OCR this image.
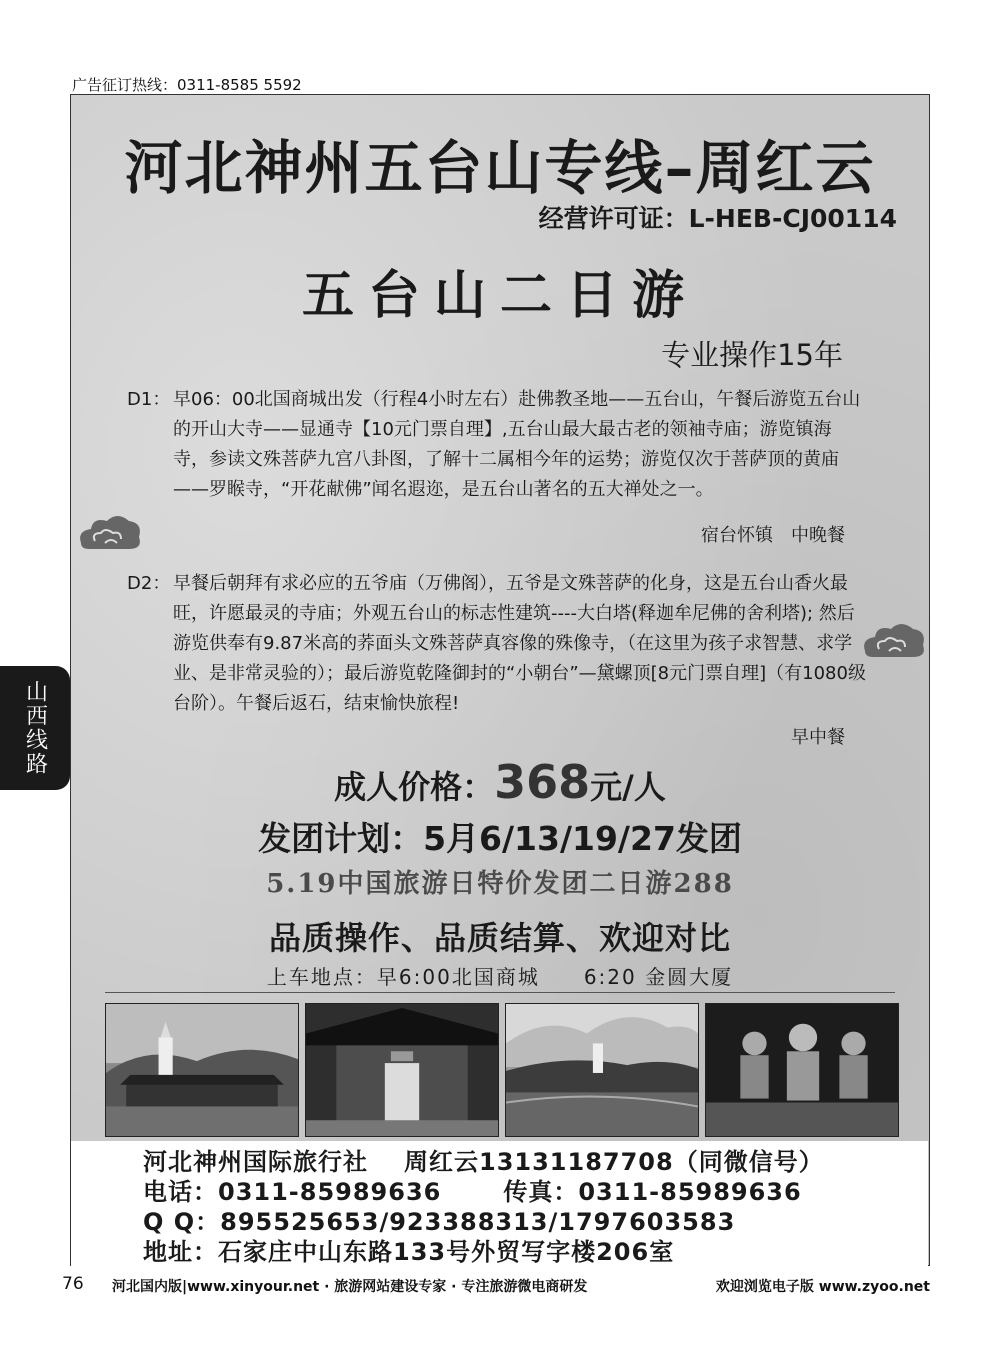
广告征订热线：0311-8585 5592
河北神州五台山专线–周红云
经营许可证：L-HEB-CJ00114
五台山二日游
专业操作15年
D1： 早06：00北国商城出发（行程4小时左右）赴佛教圣地——五台山，午餐后游览五台山的开山大寺——显通寺【10元门票自理】,五台山最大最古老的领袖寺庙；游览镇海寺，参读文殊菩萨九宫八卦图，了解十二属相今年的运势；游览仅次于菩萨顶的黄庙——罗睺寺，“开花献佛”闻名遐迩，是五台山著名的五大禅处之一。
宿台怀镇　中晚餐
D2： 早餐后朝拜有求必应的五爷庙（万佛阁），五爷是文殊菩萨的化身，这是五台山香火最旺，许愿最灵的寺庙；外观五台山的标志性建筑----大白塔(释迦牟尼佛的舍利塔); 然后游览供奉有9.87米高的荞面头文殊菩萨真容像的殊像寺，（在这里为孩子求智慧、求学业、是非常灵验的）；最后游览乾隆御封的“小朝台”—黛螺顶[8元门票自理]（有1080级台阶）。午餐后返石，结束愉快旅程!
早中餐
成人价格：368元/人
发团计划：5月6/13/19/27发团
5.19中国旅游日特价发团二日游288
品质操作、品质结算、欢迎对比
上车地点：早6:00北国商城　　6:20 金圆大厦
河北神州国际旅行社 周红云13131187708（同微信号）
电话：0311-85989636	传真：0311-85989636
Q Q：895525653/923388313/1797603583
地址：石家庄中山东路133号外贸写字楼206室
山西线路
76 河北国内版|www.xinyour.net · 旅游网站建设专家 · 专注旅游微电商研发	欢迎浏览电子版 www.zyoo.net
